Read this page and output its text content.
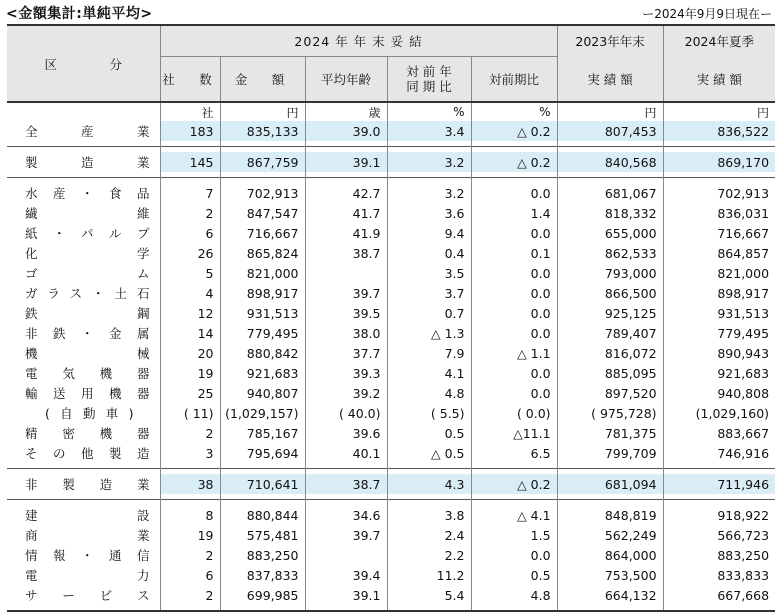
<金額集計:単純平均>	ー2024年9月9日現在ー
区　分	2024 年 年 末 妥 結					2023年年末	2024年夏季
	社　数	金　額	平均年齢	対 前 年
同 期 比	対前期比	実 績 額	実 績 額
	社	円	歳	%	%	円	円
全産業	183	835,133	39.0	3.4	△ 0.2	807,453	836,522

製造業	145	867,759	39.1	3.2	△ 0.2	840,568	869,170

水産・食品	7	702,913	42.7	3.2	0.0	681,067	702,913
繊維	2	847,547	41.7	3.6	1.4	818,332	836,031
紙・パルプ	6	716,667	41.9	9.4	0.0	655,000	716,667
化学	26	865,824	38.7	0.4	0.1	862,533	864,857
ゴム	5	821,000		3.5	0.0	793,000	821,000
ガラス・土石	4	898,917	39.7	3.7	0.0	866,500	898,917
鉄鋼	12	931,513	39.5	0.7	0.0	925,125	931,513
非鉄・金属	14	779,495	38.0	△ 1.3	0.0	789,407	779,495
機械	20	880,842	37.7	7.9	△ 1.1	816,072	890,943
電気機器	19	921,683	39.3	4.1	0.0	885,095	921,683
輸送用機器	25	940,807	39.2	4.8	0.0	897,520	940,808
(自動車)	( 11)	(1,029,157)	( 40.0)	( 5.5)	( 0.0)	( 975,728)	(1,029,160)
精密機器	2	785,167	39.6	0.5	△11.1	781,375	883,667
その他製造	3	795,694	40.1	△ 0.5	6.5	799,709	746,916

非製造業	38	710,641	38.7	4.3	△ 0.2	681,094	711,946

建設	8	880,844	34.6	3.8	△ 4.1	848,819	918,922
商業	19	575,481	39.7	2.4	1.5	562,249	566,723
情報・通信	2	883,250		2.2	0.0	864,000	883,250
電力	6	837,833	39.4	11.2	0.5	753,500	833,833
サービス	2	699,985	39.1	5.4	4.8	664,132	667,668
